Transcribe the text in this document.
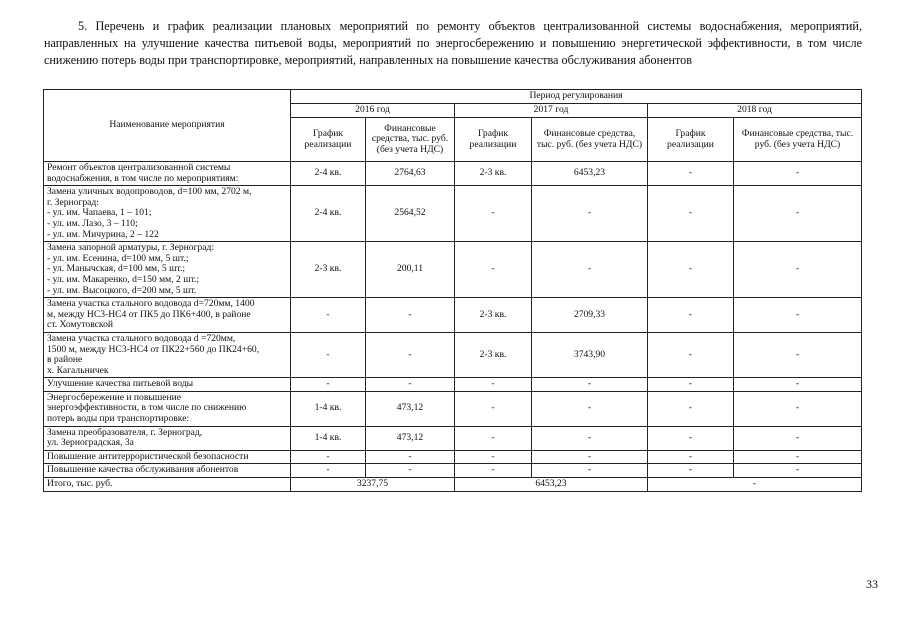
5. Перечень и график реализации плановых мероприятий по ремонту объектов централизованной системы водоснабжения, мероприятий, направленных на улучшение качества питьевой воды, мероприятий по энергосбережению и повышению энергетической эффективности, в том числе снижению потерь воды при транспортировке, мероприятий, направленных на повышение качества обслуживания абонентов

Наименование мероприятия	Период регулирования					
	2016 год		2017 год		2018 год	
	График реализации	Финансовые средства, тыс. руб. (без учета НДС)	График реализации	Финансовые средства, тыс. руб. (без учета НДС)	График реализации	Финансовые средства, тыс. руб. (без учета НДС)

Ремонт объектов централизованной системы
водоснабжения, в том числе по мероприятиям:	2-4 кв.	2764,63	2-3 кв.	6453,23	-	-

Замена уличных водопроводов, d=100 мм, 2702 м,
г. Зерноград:
- ул. им. Чапаева, 1 – 101;
- ул. им. Лазо, 3 – 110;
- ул. им. Мичурина, 2 – 122	2-4 кв.	2564,52	-	-	-	-

Замена запорной арматуры, г. Зерноград:
- ул. им. Есенина, d=100 мм, 5 шт.;
- ул. Манычская, d=100 мм, 5 шт.;
- ул. им. Макаренко, d=150 мм, 2 шт.;
- ул. им. Высоцкого, d=200 мм, 5 шт.	2-3 кв.	200,11	-	-	-	-

Замена участка стального водовода d=720мм, 1400
м, между НС3-НС4 от ПК5 до ПК6+400, в районе
ст. Хомутовской	-	-	2-3 кв.	2709,33	-	-

Замена участка стального водовода d =720мм,
1500 м, между НС3-НС4 от ПК22+560 до ПК24+60,
в районе
х. Кагальничек	-	-	2-3 кв.	3743,90	-	-

Улучшение качества питьевой воды	-	-	-	-	-	-

Энергосбережение и повышение
энергоэффективности, в том числе по снижению
потерь воды при транспортировке:	1-4 кв.	473,12	-	-	-	-

Замена преобразователя, г. Зерноград,
ул. Зерноградская, 3а	1-4 кв.	473,12	-	-	-	-

Повышение антитеррористической безопасности	-	-	-	-	-	-

Повышение качества обслуживания абонентов	-	-	-	-	-	-
Итого, тыс. руб.	3237,75		6453,23		-	
33
